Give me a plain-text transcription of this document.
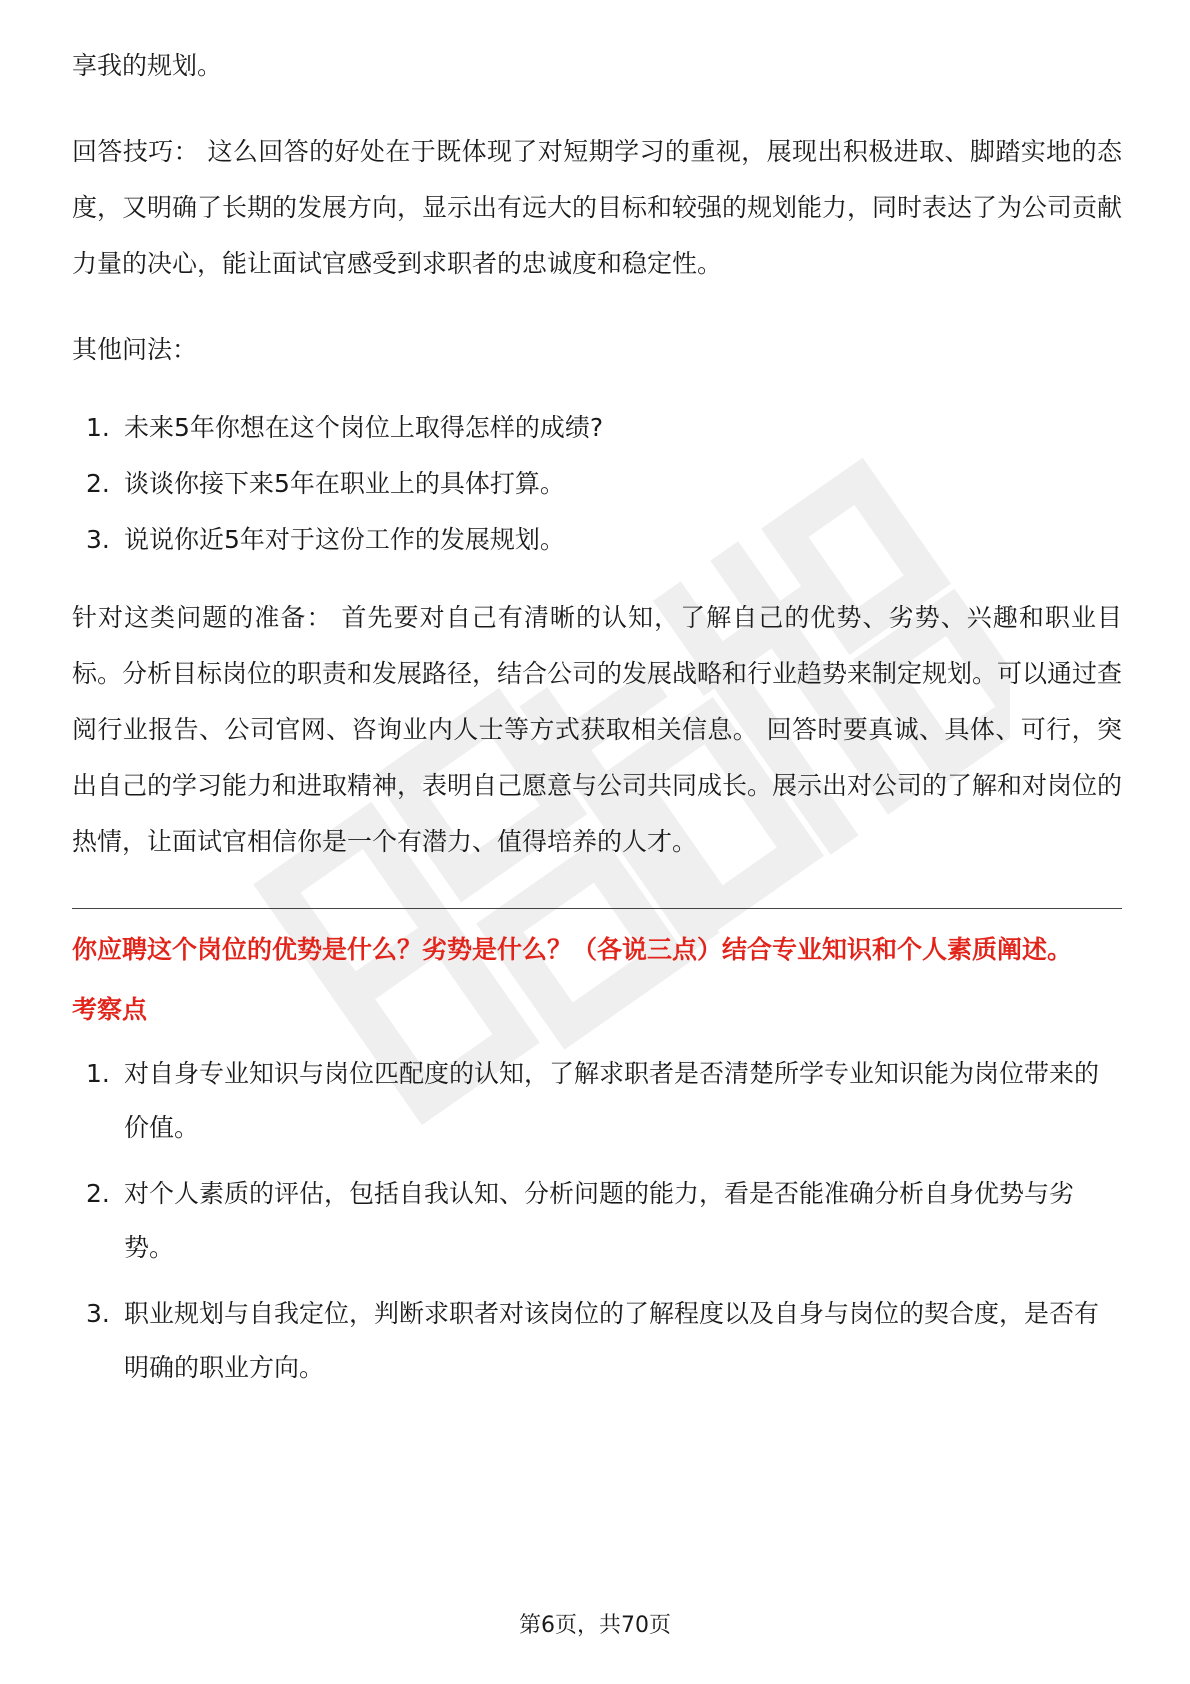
享我的规划。

回答技巧： 这么回答的好处在于既体现了对短期学习的重视，展现出积极进取、脚踏实地的态度，又明确了长期的发展方向，显示出有远大的目标和较强的规划能力，同时表达了为公司贡献力量的决心，能让面试官感受到求职者的忠诚度和稳定性。

其他问法：

1. 未来5年你想在这个岗位上取得怎样的成绩?
2. 谈谈你接下来5年在职业上的具体打算。
3. 说说你近5年对于这份工作的发展规划。

针对这类问题的准备： 首先要对自己有清晰的认知，了解自己的优势、劣势、兴趣和职业目标。分析目标岗位的职责和发展路径，结合公司的发展战略和行业趋势来制定规划。可以通过查阅行业报告、公司官网、咨询业内人士等方式获取相关信息。 回答时要真诚、具体、可行，突出自己的学习能力和进取精神，表明自己愿意与公司共同成长。展示出对公司的了解和对岗位的热情，让面试官相信你是一个有潜力、值得培养的人才。

你应聘这个岗位的优势是什么？劣势是什么？（各说三点）结合专业知识和个人素质阐述。

考察点

1. 对自身专业知识与岗位匹配度的认知，了解求职者是否清楚所学专业知识能为岗位带来的价值。
2. 对个人素质的评估，包括自我认知、分析问题的能力，看是否能准确分析自身优势与劣势。
3. 职业规划与自我定位，判断求职者对该岗位的了解程度以及自身与岗位的契合度，是否有明确的职业方向。
第6页，共70页
